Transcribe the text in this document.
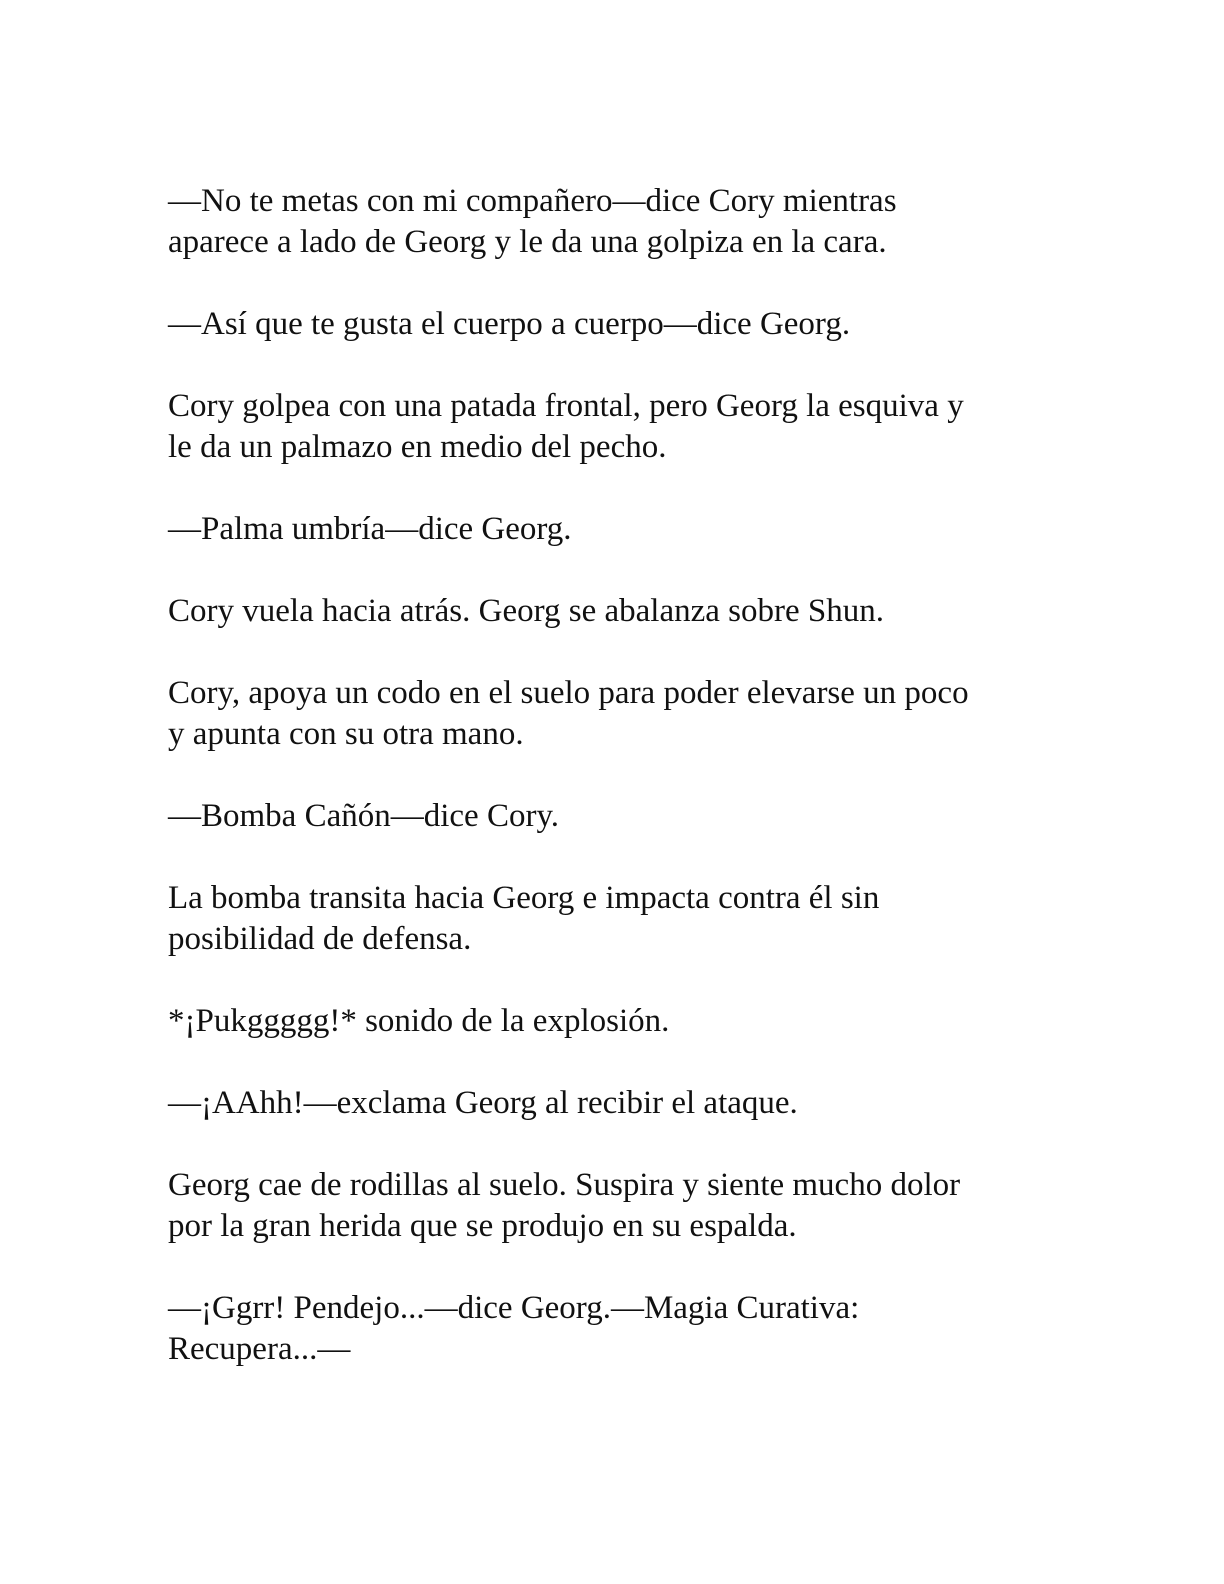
—No te metas con mi compañero—dice Cory mientras
aparece a lado de Georg y le da una golpiza en la cara.

—Así que te gusta el cuerpo a cuerpo—dice Georg.

Cory golpea con una patada frontal, pero Georg la esquiva y
le da un palmazo en medio del pecho.

—Palma umbría—dice Georg.

Cory vuela hacia atrás. Georg se abalanza sobre Shun.

Cory, apoya un codo en el suelo para poder elevarse un poco
y apunta con su otra mano.

—Bomba Cañón—dice Cory.

La bomba transita hacia Georg e impacta contra él sin
posibilidad de defensa.

*¡Pukggggg!* sonido de la explosión.

—¡AAhh!—exclama Georg al recibir el ataque.

Georg cae de rodillas al suelo. Suspira y siente mucho dolor
por la gran herida que se produjo en su espalda.

—¡Ggrr! Pendejo...—dice Georg.—Magia Curativa:
Recupera...—
